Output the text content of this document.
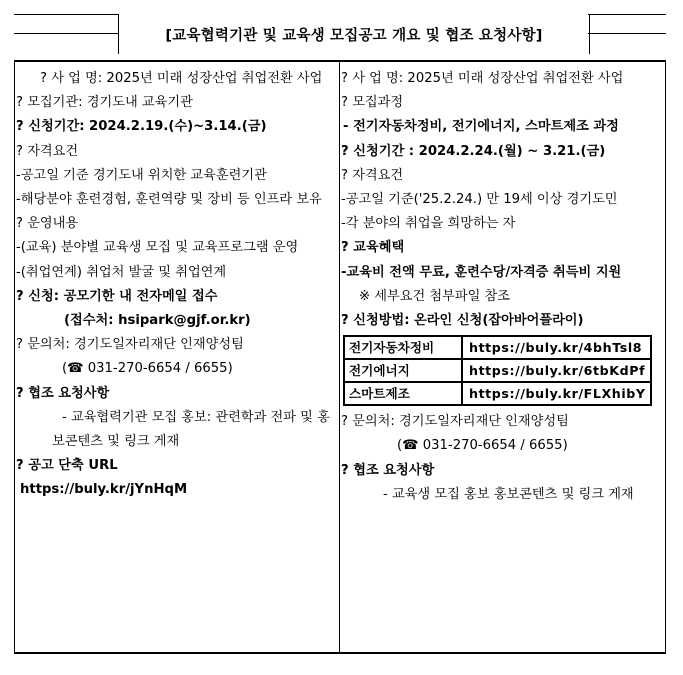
[교육협력기관 및 교육생 모집공고 개요 및 협조 요청사항]

? 사 업 명: 2025년 미래 성장산업 취업전환 사업

? 모집기관: 경기도내 교육기관

? 신청기간: 2024.2.19.(수)~3.14.(금)

? 자격요건

-공고일 기준 경기도내 위치한 교육훈련기관

-해당분야 훈련경험, 훈련역량 및 장비 등 인프라 보유

? 운영내용

-(교육) 분야별 교육생 모집 및 교육프로그램 운영

-(취업연계) 취업처 발굴 및 취업연계

? 신청: 공모기한 내 전자메일 접수

(접수처: hsipark@gjf.or.kr)

? 문의처: 경기도일자리재단 인재양성팀

(☎ 031-270-6654 / 6655)

? 협조 요청사항

- 교육협력기관 모집 홍보: 관련학과 전파 및 홍보콘텐츠 및 링크 게재

? 공고 단축 URL

https://buly.kr/jYnHqM

? 사 업 명: 2025년 미래 성장산업 취업전환 사업

? 모집과정

- 전기자동차정비, 전기에너지, 스마트제조 과정

? 신청기간 : 2024.2.24.(월) ~ 3.21.(금)

? 자격요건

-공고일 기준('25.2.24.) 만 19세 이상 경기도민

-각 분야의 취업을 희망하는 자

? 교육혜택

-교육비 전액 무료, 훈련수당/자격증 취득비 지원

※ 세부요건 첨부파일 참조

? 신청방법: 온라인 신청(잡아바어플라이)

전기자동차정비	https://buly.kr/4bhTsl8
전기에너지	https://buly.kr/6tbKdPf
스마트제조	https://buly.kr/FLXhibY

? 문의처: 경기도일자리재단 인재양성팀

(☎ 031-270-6654 / 6655)

? 협조 요청사항

- 교육생 모집 홍보 홍보콘텐츠 및 링크 게재
